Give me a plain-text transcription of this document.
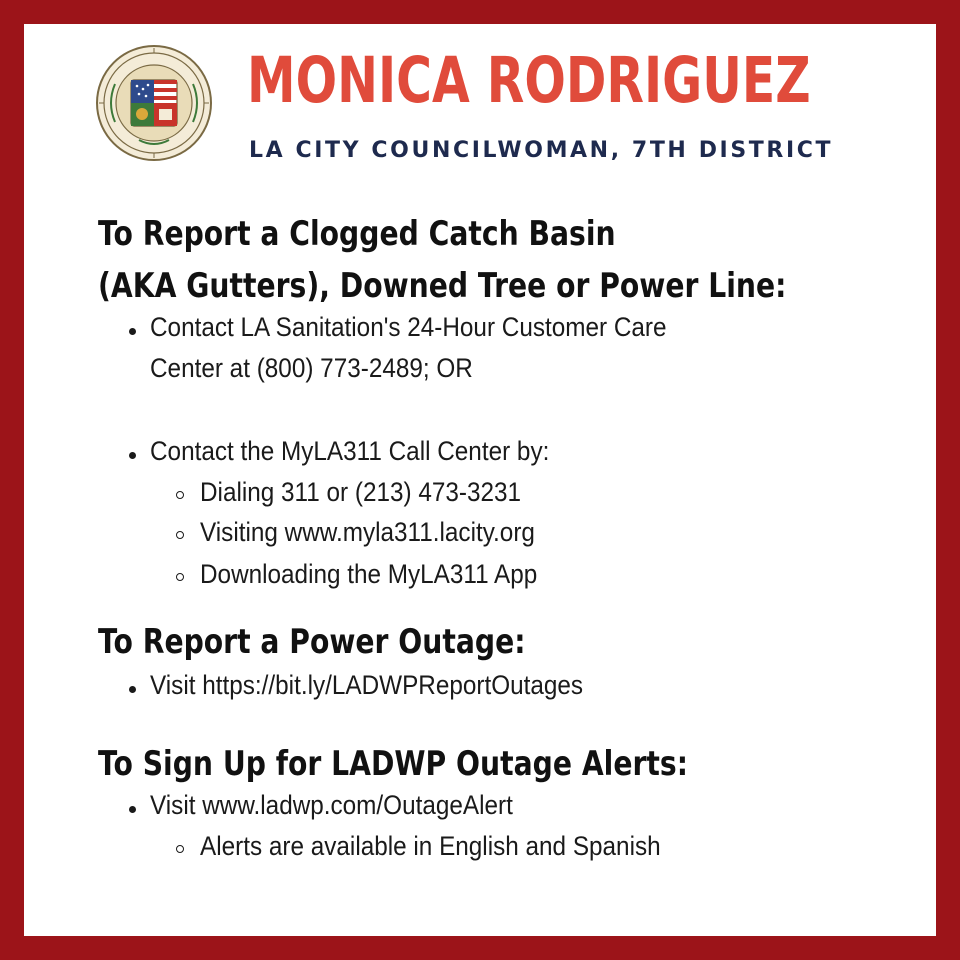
MONICA RODRIGUEZ
LA CITY COUNCILWOMAN, 7TH DISTRICT
To Report a Clogged Catch Basin
(AKA Gutters), Downed Tree or Power Line:
Contact LA Sanitation's 24-Hour Customer Care
Center at (800) 773-2489; OR
Contact the MyLA311 Call Center by:
Dialing 311 or (213) 473-3231
Visiting www.myla311.lacity.org
Downloading the MyLA311 App
To Report a Power Outage:
Visit https://bit.ly/LADWPReportOutages
To Sign Up for LADWP Outage Alerts:
Visit www.ladwp.com/OutageAlert
Alerts are available in English and Spanish
